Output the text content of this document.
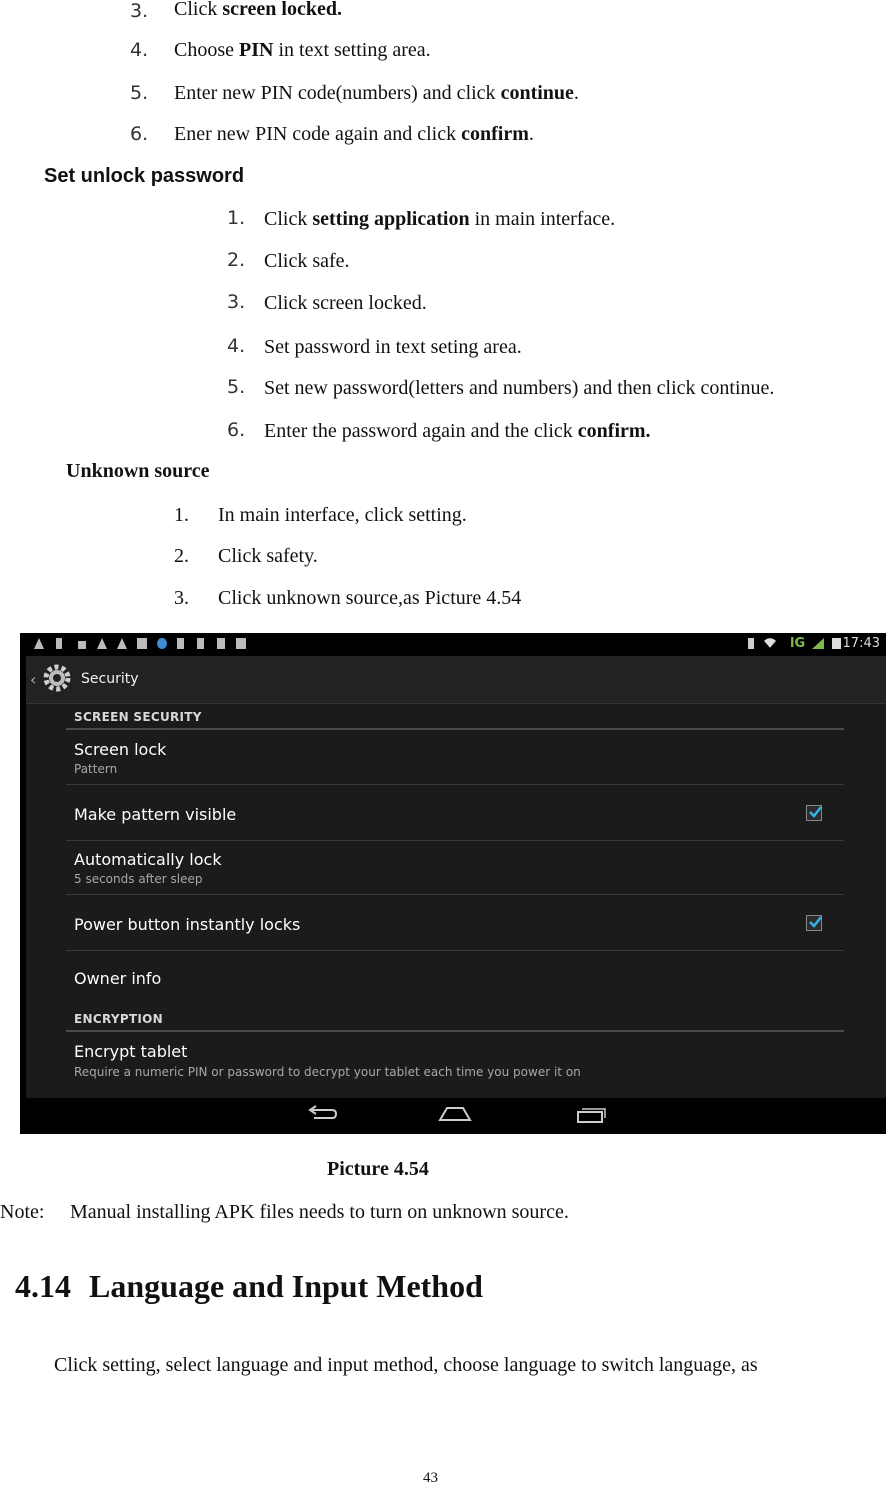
3. Click screen locked.
4. Choose PIN in text setting area.
5. Enter new PIN code(numbers) and click continue.
6. Ener new PIN code again and click confirm.
Set unlock password
1. Click setting application in main interface.
2. Click safe.
3. Click screen locked.
4. Set password in text seting area.
5. Set new password(letters and numbers) and then click continue.
6. Enter the password again and the click confirm.
Unknown source
1. In main interface, click setting.
2. Click safety.
3. Click unknown source,as Picture 4.54
lG	17:43
‹	Security
SCREEN SECURITY
Screen lock
Pattern
Make pattern visible
Automatically lock
5 seconds after sleep
Power button instantly locks
Owner info
ENCRYPTION
Encrypt tablet
Require a numeric PIN or password to decrypt your tablet each time you power it on
Picture 4.54
Note: Manual installing APK files needs to turn on unknown source.
4.14 Language and Input Method
Click setting, select language and input method, choose language to switch language, as
43
